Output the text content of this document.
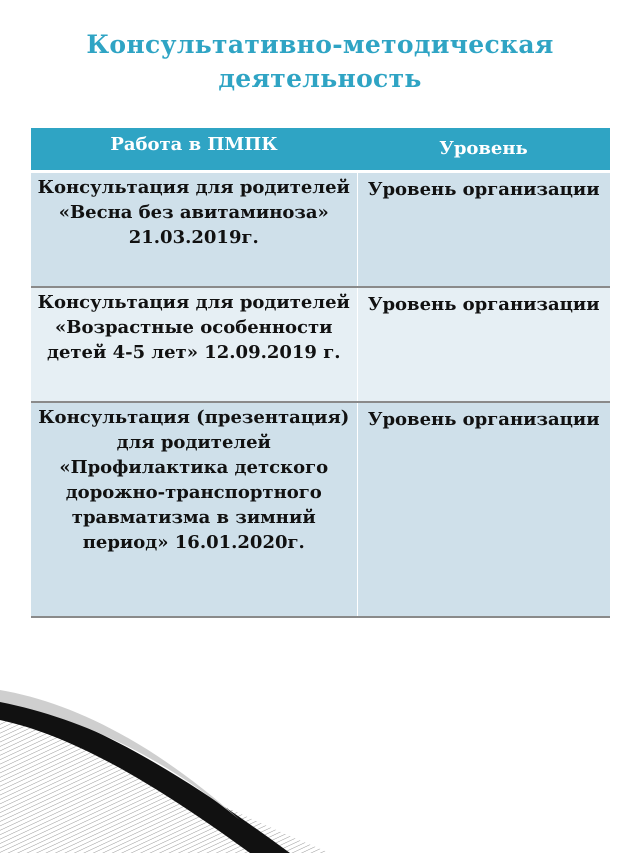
Консультативно-методическая
деятельность
Работа в ПМПК	Уровень
Консультация для родителей «Весна без авитаминоза» 21.03.2019г.	Уровень организации
Консультация для родителей «Возрастные особенности детей 4-5 лет» 12.09.2019 г.	Уровень организации
Консультация (презентация) для родителей «Профилактика детского дорожно-транспортного травматизма в зимний период» 16.01.2020г.	Уровень организации
